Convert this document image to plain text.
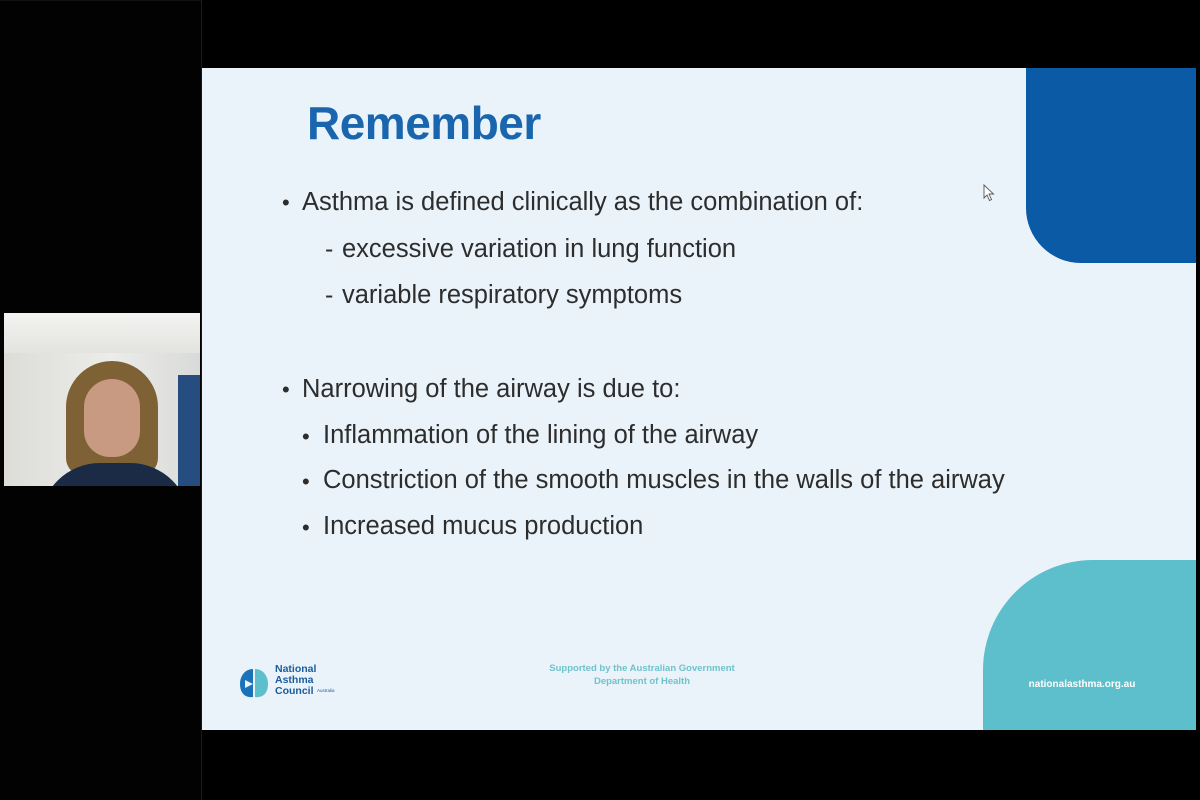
Remember
• Asthma is defined clinically as the combination of:
- excessive variation in lung function
- variable respiratory symptoms
• Narrowing of the airway is due to:
• Inflammation of the lining of the airway
• Constriction of the smooth muscles in the walls of the airway
• Increased mucus production
National
Asthma
Council Australia
Supported by the Australian Government
Department of Health	nationalasthma.org.au
